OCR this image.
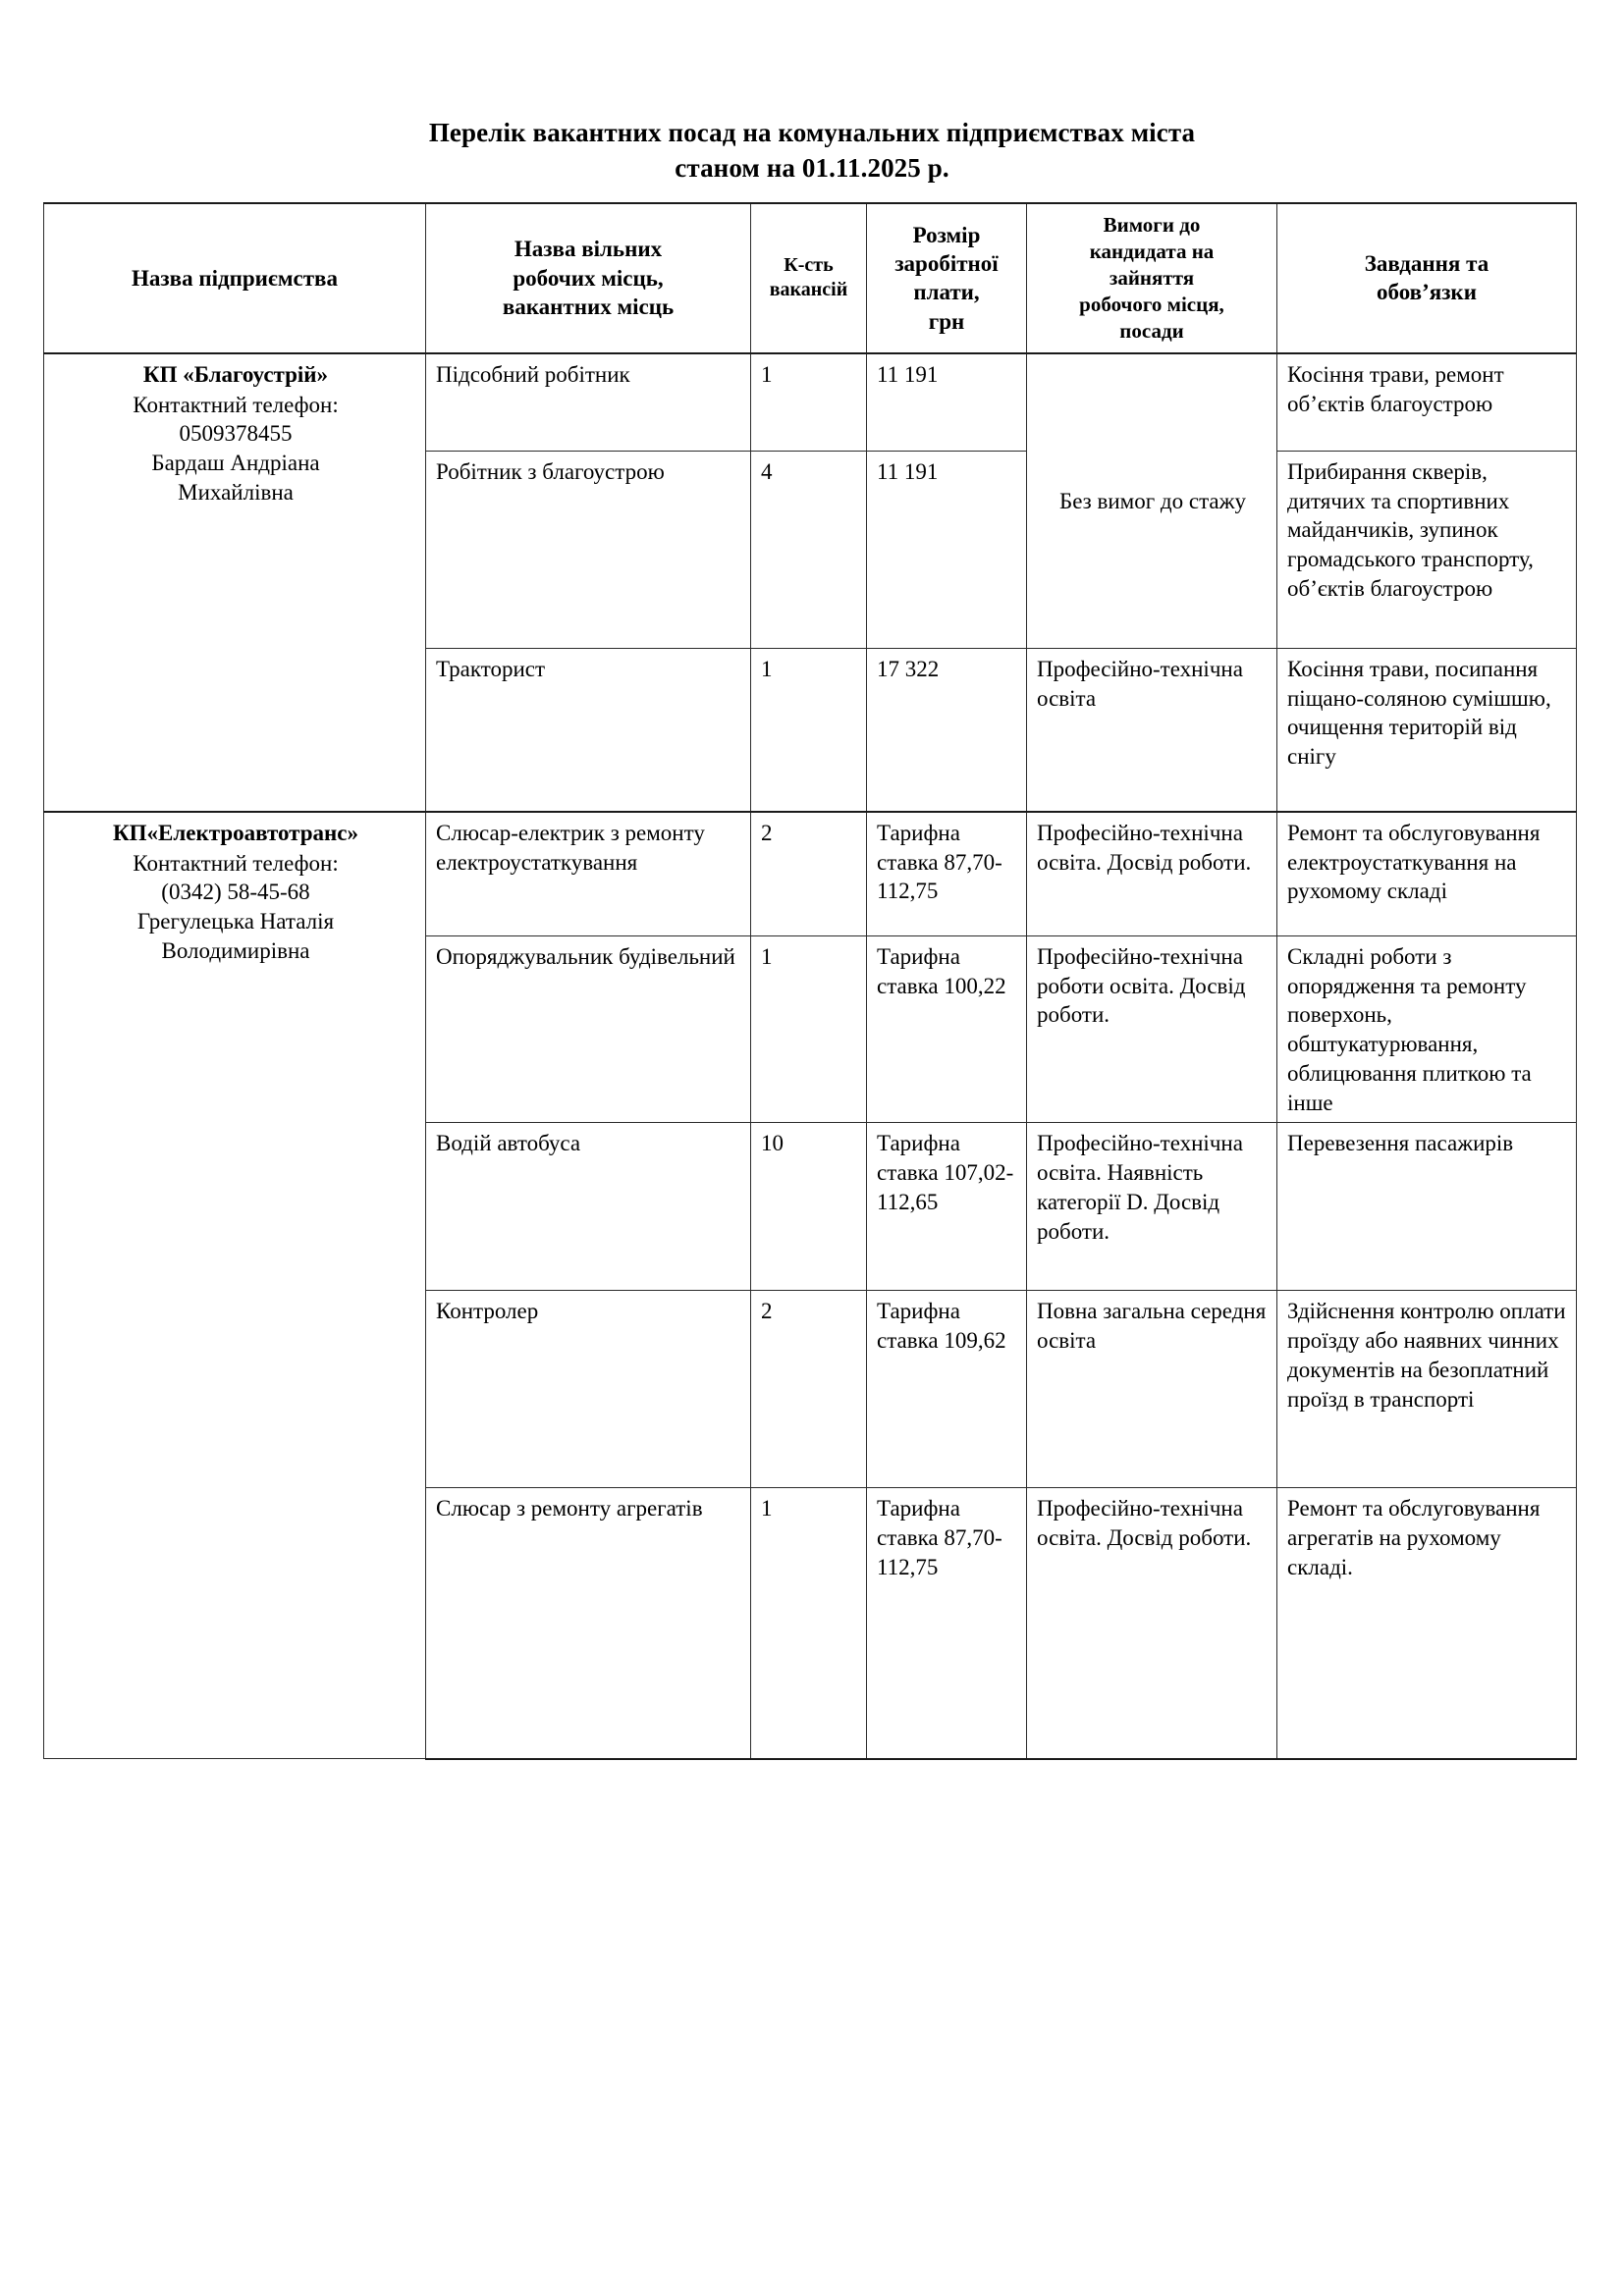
Перелік вакантних посад на комунальних підприємствах міста
станом на 01.11.2025 р.
Назва підприємства	Назва вільних
робочих місць,
вакантних місць	К-сть
вакансій	Розмір
заробітної
плати,
грн	Вимоги до
кандидата на
зайняття
робочого місця,
посади	Завдання та
обовʼязки

КП «Благоустрій»
Контактний телефон:
0509378455
Бардаш Андріана
Михайлівна	Підсобний робітник	1	11 191	Без вимог до стажу	Косіння трави, ремонт об’єктів благоустрою
	Робітник з благоустрою	4	11 191		Прибирання скверів, дитячих та спортивних майданчиків, зупинок громадського транспорту, об’єктів благоустрою
	Тракторист	1	17 322	Професійно-технічна освіта	Косіння трави, посипання піщано-соляною сумішшю, очищення територій від снігу

КП«Електроавтотранс»
Контактний телефон:
(0342) 58-45-68
Грегулецька Наталія
Володимирівна	Слюсар-електрик з ремонту електроустаткування	2	Тарифна ставка 87,70-112,75	Професійно-технічна освіта. Досвід роботи.	Ремонт та обслуговування електроустаткування на рухомому складі
	Опоряджувальник будівельний	1	Тарифна ставка 100,22	Професійно-технічна роботи освіта. Досвід роботи.	Складні роботи з опорядження та ремонту поверхонь, обштукатурювання, облицювання плиткою та інше
	Водій автобуса	10	Тарифна ставка 107,02-112,65	Професійно-технічна освіта. Наявність категорії D. Досвід роботи.	Перевезення пасажирів
	Контролер	2	Тарифна ставка 109,62	Повна загальна середня освіта	Здійснення контролю оплати проїзду або наявних чинних документів на безоплатний проїзд в транспорті
	Слюсар з ремонту агрегатів	1	Тарифна ставка 87,70-112,75	Професійно-технічна освіта. Досвід роботи.	Ремонт та обслуговування агрегатів на рухомому складі.
